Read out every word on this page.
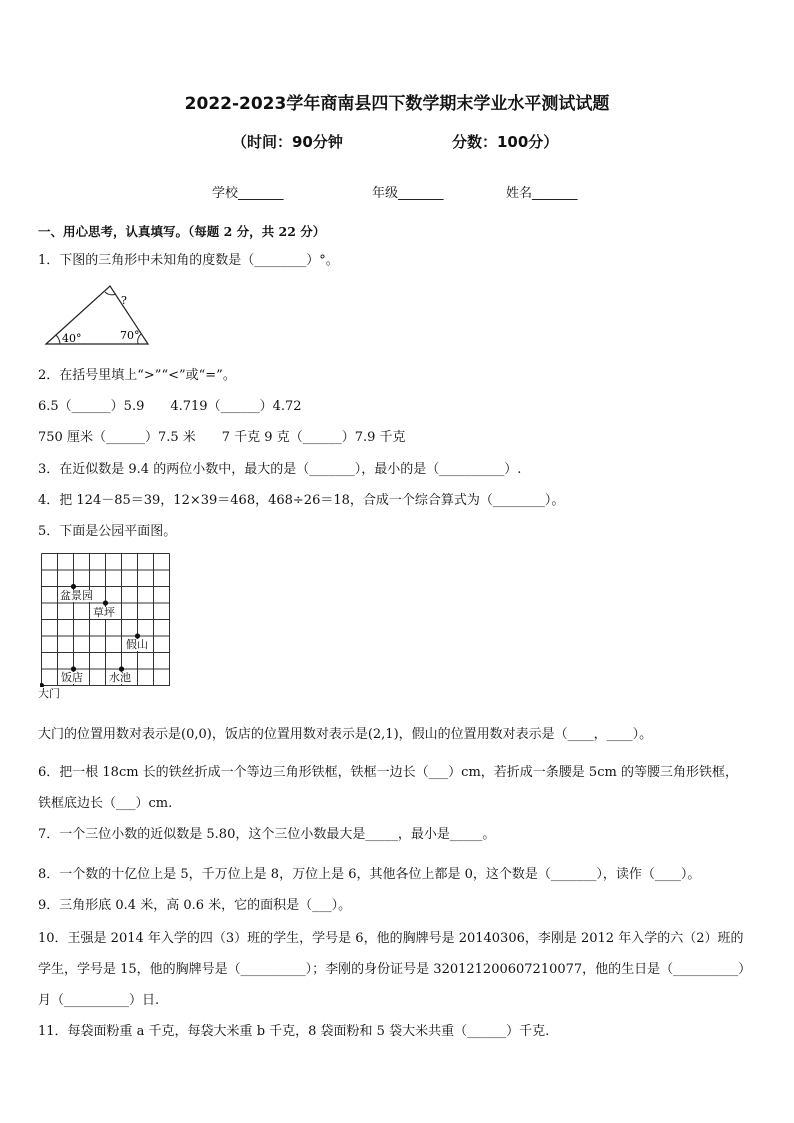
2022-2023学年商南县四下数学期末学业水平测试试题
（时间：90分钟	分数：100分）
学校_______	年级_______	姓名_______
一、用心思考，认真填写。（每题 2 分，共 22 分）
1．下图的三角形中未知角的度数是（________）°。
40°	70°
?
2．在括号里填上“>”“<”或“=”。
6.5（______）5.9　　4.719（______）4.72
750 厘米（______）7.5 米　　7 千克 9 克（______）7.9 千克
3．在近似数是 9.4 的两位小数中，最大的是（_______），最小的是（__________）.
4．把 124－85＝39，12×39＝468，468÷26＝18，合成一个综合算式为（________）。
5．下面是公园平面图。
盆景园
草坪
假山
饭店 水池
大门
大门的位置用数对表示是(0,0)，饭店的位置用数对表示是(2,1)，假山的位置用数对表示是（____，____）。
6．把一根 18cm 长的铁丝折成一个等边三角形铁框，铁框一边长（___）cm，若折成一条腰是 5cm 的等腰三角形铁框，
铁框底边长（___）cm.
7．一个三位小数的近似数是 5.80，这个三位小数最大是_____，最小是_____。
8．一个数的十亿位上是 5，千万位上是 8，万位上是 6，其他各位上都是 0，这个数是（_______），读作（____）。
9．三角形底 0.4 米，高 0.6 米，它的面积是（___）。
10．王强是 2014 年入学的四（3）班的学生，学号是 6，他的胸牌号是 20140306，李刚是 2012 年入学的六（2）班的
学生，学号是 15，他的胸牌号是（__________）；李刚的身份证号是 320121200607210077，他的生日是（__________）
月（__________）日.
11．每袋面粉重 a 千克，每袋大米重 b 千克，8 袋面粉和 5 袋大米共重（______）千克.
